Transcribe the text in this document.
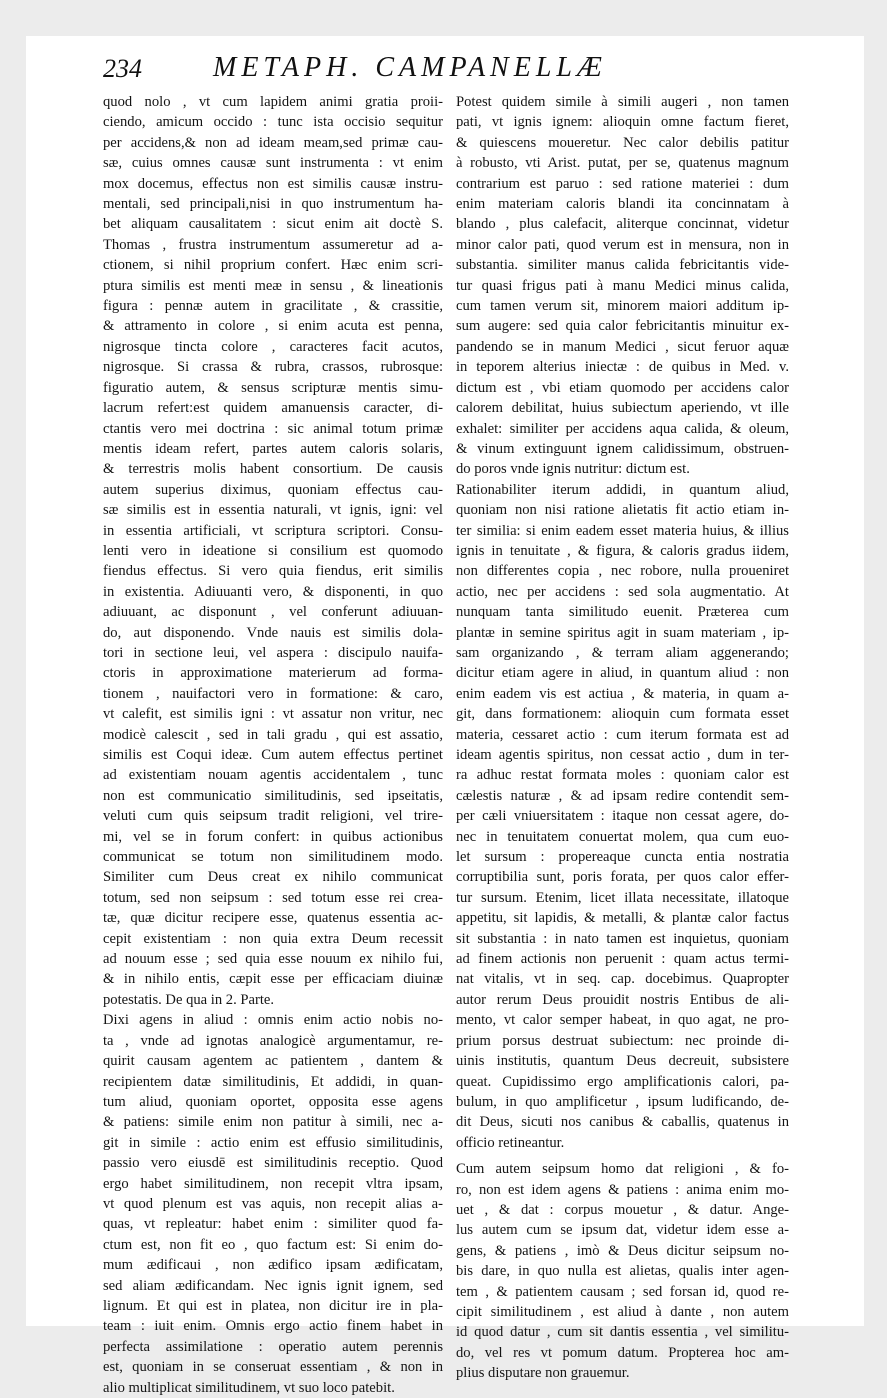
234	METAPH. CAMPANELLÆ
quod nolo , vt cum lapidem animi gratia proii-
ciendo, amicum occido : tunc ista occisio sequitur
per accidens,& non ad ideam meam,sed primæ cau-
sæ, cuius omnes causæ sunt instrumenta : vt enim
mox docemus, effectus non est similis causæ instru-
mentali, sed principali,nisi in quo instrumentum ha-
bet aliquam causalitatem : sicut enim ait doctè S.
Thomas , frustra instrumentum assumeretur ad a-
ctionem, si nihil proprium confert. Hæc enim scri-
ptura similis est menti meæ in sensu , & lineationis
figura : pennæ autem in gracilitate , & crassitie,
& attramento in colore , si enim acuta est penna,
nigrosque tincta colore , caracteres facit acutos,
nigrosque. Si crassa & rubra, crassos, rubrosque:
figuratio autem, & sensus scripturæ mentis simu-
lacrum refert:est quidem amanuensis caracter, di-
ctantis vero mei doctrina : sic animal totum primæ
mentis ideam refert, partes autem caloris solaris,
& terrestris molis habent consortium. De causis
autem superius diximus, quoniam effectus cau-
sæ similis est in essentia naturali, vt ignis, igni: vel
in essentia artificiali, vt scriptura scriptori. Consu-
lenti vero in ideatione si consilium est quomodo
fiendus effectus. Si vero quia fiendus, erit similis
in existentia. Adiuuanti vero, & disponenti, in quo
adiuuant, ac disponunt , vel conferunt adiuuan-
do, aut disponendo. Vnde nauis est similis dola-
tori in sectione leui, vel aspera : discipulo nauifa-
ctoris in approximatione materierum ad forma-
tionem , nauifactori vero in formatione: & caro,
vt calefit, est similis igni : vt assatur non vritur, nec
modicè calescit , sed in tali gradu , qui est assatio,
similis est Coqui ideæ. Cum autem effectus pertinet
ad existentiam nouam agentis accidentalem , tunc
non est communicatio similitudinis, sed ipseitatis,
veluti cum quis seipsum tradit religioni, vel trire-
mi, vel se in forum confert: in quibus actionibus
communicat se totum non similitudinem modo.
Similiter cum Deus creat ex nihilo communicat
totum, sed non seipsum : sed totum esse rei crea-
tæ, quæ dicitur recipere esse, quatenus essentia ac-
cepit existentiam : non quia extra Deum recessit
ad nouum esse ; sed quia esse nouum ex nihilo fui,
& in nihilo entis, cæpit esse per efficaciam diuinæ
potestatis. De qua in 2. Parte.
Dixi agens in aliud : omnis enim actio nobis no-
ta , vnde ad ignotas analogicè argumentamur, re-
quirit causam agentem ac patientem , dantem &
recipientem datæ similitudinis, Et addidi, in quan-
tum aliud, quoniam oportet, opposita esse agens
& patiens: simile enim non patitur à simili, nec a-
git in simile : actio enim est effusio similitudinis,
passio vero eiusdē est similitudinis receptio. Quod
ergo habet similitudinem, non recepit vltra ipsam,
vt quod plenum est vas aquis, non recepit alias a-
quas, vt repleatur: habet enim : similiter quod fa-
ctum est, non fit eo , quo factum est: Si enim do-
mum ædificaui , non ædifico ipsam ædificatam,
sed aliam ædificandam. Nec ignis ignit ignem, sed
lignum. Et qui est in platea, non dicitur ire in pla-
team : iuit enim. Omnis ergo actio finem habet in
perfecta assimilatione : operatio autem perennis
est, quoniam in se conseruat essentiam , & non in
alio multiplicat similitudinem, vt suo loco patebit.
Potest quidem simile à simili augeri , non tamen
pati, vt ignis ignem: alioquin omne factum fieret,
& quiescens moueretur. Nec calor debilis patitur
à robusto, vti Arist. putat, per se, quatenus magnum
contrarium est paruo : sed ratione materiei : dum
enim materiam caloris blandi ita concinnatam à
blando , plus calefacit, aliterque concinnat, videtur
minor calor pati, quod verum est in mensura, non in
substantia. similiter manus calida febricitantis vide-
tur quasi frigus pati à manu Medici minus calida,
cum tamen verum sit, minorem maiori additum ip-
sum augere: sed quia calor febricitantis minuitur ex-
pandendo se in manum Medici , sicut feruor aquæ
in teporem alterius iniectæ : de quibus in Med. v.
dictum est , vbi etiam quomodo per accidens calor
calorem debilitat, huius subiectum aperiendo, vt ille
exhalet: similiter per accidens aqua calida, & oleum,
& vinum extinguunt ignem calidissimum, obstruen-
do poros vnde ignis nutritur: dictum est.
Rationabiliter iterum addidi, in quantum aliud,
quoniam non nisi ratione alietatis fit actio etiam in-
ter similia: si enim eadem esset materia huius, & illius
ignis in tenuitate , & figura, & caloris gradus iidem,
non differentes copia , nec robore, nulla proueniret
actio, nec per accidens : sed sola augmentatio. At
nunquam tanta similitudo euenit. Præterea cum
plantæ in semine spiritus agit in suam materiam , ip-
sam organizando , & terram aliam aggenerando;
dicitur etiam agere in aliud, in quantum aliud : non
enim eadem vis est actiua , & materia, in quam a-
git, dans formationem: alioquin cum formata esset
materia, cessaret actio : cum iterum formata est ad
ideam agentis spiritus, non cessat actio , dum in ter-
ra adhuc restat formata moles : quoniam calor est
cælestis naturæ , & ad ipsam redire contendit sem-
per cæli vniuersitatem : itaque non cessat agere, do-
nec in tenuitatem conuertat molem, qua cum euo-
let sursum : propereaque cuncta entia nostratia
corruptibilia sunt, poris forata, per quos calor effer-
tur sursum. Etenim, licet illata necessitate, illatoque
appetitu, sit lapidis, & metalli, & plantæ calor factus
sit substantia : in nato tamen est inquietus, quoniam
ad finem actionis non peruenit : quam actus termi-
nat vitalis, vt in seq. cap. docebimus. Quapropter
autor rerum Deus prouidit nostris Entibus de ali-
mento, vt calor semper habeat, in quo agat, ne pro-
prium porsus destruat subiectum: nec proinde di-
uinis institutis, quantum Deus decreuit, subsistere
queat. Cupidissimo ergo amplificationis calori, pa-
bulum, in quo amplificetur , ipsum ludificando, de-
dit Deus, sicuti nos canibus & caballis, quatenus in
officio retineantur.
Cum autem seipsum homo dat religioni , & fo-
ro, non est idem agens & patiens : anima enim mo-
uet , & dat : corpus mouetur , & datur. Ange-
lus autem cum se ipsum dat, videtur idem esse a-
gens, & patiens , imò & Deus dicitur seipsum no-
bis dare, in quo nulla est alietas, qualis inter agen-
tem , & patientem causam ; sed forsan id, quod re-
cipit similitudinem , est aliud à dante , non autem
id quod datur , cum sit dantis essentia , vel similitu-
do, vel res vt pomum datum. Propterea hoc am-
plius disputare non grauemur.
